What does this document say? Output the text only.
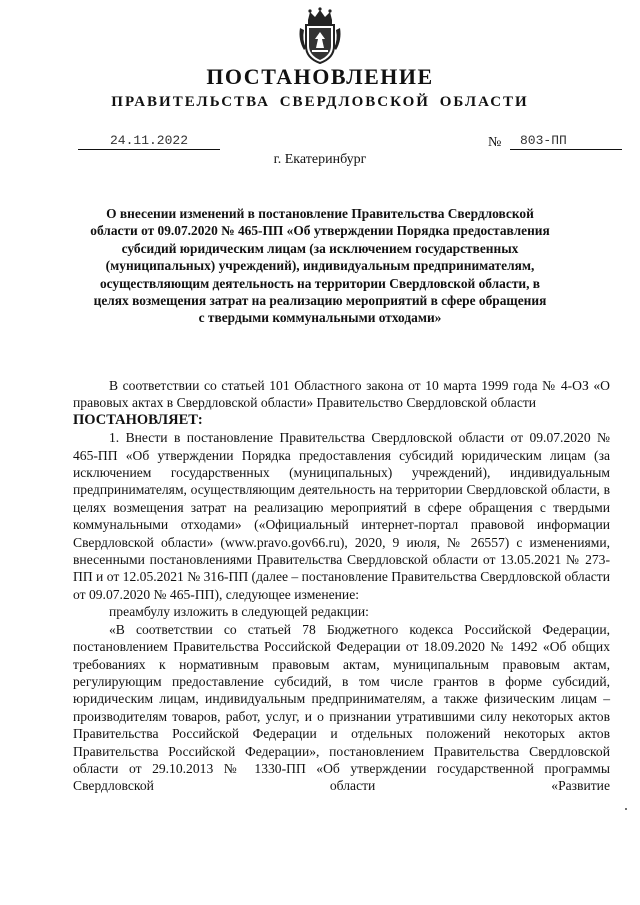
ПОСТАНОВЛЕНИЕ
ПРАВИТЕЛЬСТВА СВЕРДЛОВСКОЙ ОБЛАСТИ
24.11.2022	№	803-ПП
г. Екатеринбург
О внесении изменений в постановление Правительства Свердловской области от 09.07.2020 № 465-ПП «Об утверждении Порядка предоставления субсидий юридическим лицам (за исключением государственных (муниципальных) учреждений), индивидуальным предпринимателям, осуществляющим деятельность на территории Свердловской области, в целях возмещения затрат на реализацию мероприятий в сфере обращения с твердыми коммунальными отходами»

В соответствии со статьей 101 Областного закона от 10 марта 1999 года № 4-ОЗ «О правовых актах в Свердловской области» Правительство Свердловской области

ПОСТАНОВЛЯЕТ:

1. Внести в постановление Правительства Свердловской области от 09.07.2020 № 465-ПП «Об утверждении Порядка предоставления субсидий юридическим лицам (за исключением государственных (муниципальных) учреждений), индивидуальным предпринимателям, осуществляющим деятельность на территории Свердловской области, в целях возмещения затрат на реализацию мероприятий в сфере обращения с твердыми коммунальными отходами» («Официальный интернет-портал правовой информации Свердловской области» (www.pravo.gov66.ru), 2020, 9 июля, № 26557) с изменениями, внесенными постановлениями Правительства Свердловской области от 13.05.2021 № 273-ПП и от 12.05.2021 № 316-ПП (далее – постановление Правительства Свердловской области от 09.07.2020 № 465-ПП), следующее изменение:

преамбулу изложить в следующей редакции:

«В соответствии со статьей 78 Бюджетного кодекса Российской Федерации, постановлением Правительства Российской Федерации от 18.09.2020 № 1492 «Об общих требованиях к нормативным правовым актам, муниципальным правовым актам, регулирующим предоставление субсидий, в том числе грантов в форме субсидий, юридическим лицам, индивидуальным предпринимателям, а также физическим лицам – производителям товаров, работ, услуг, и о признании утратившими силу некоторых актов Правительства Российской Федерации и отдельных положений некоторых актов Правительства Российской Федерации», постановлением Правительства Свердловской области от 29.10.2013 № 1330-ПП «Об утверждении государственной программы Свердловской области «Развитие
